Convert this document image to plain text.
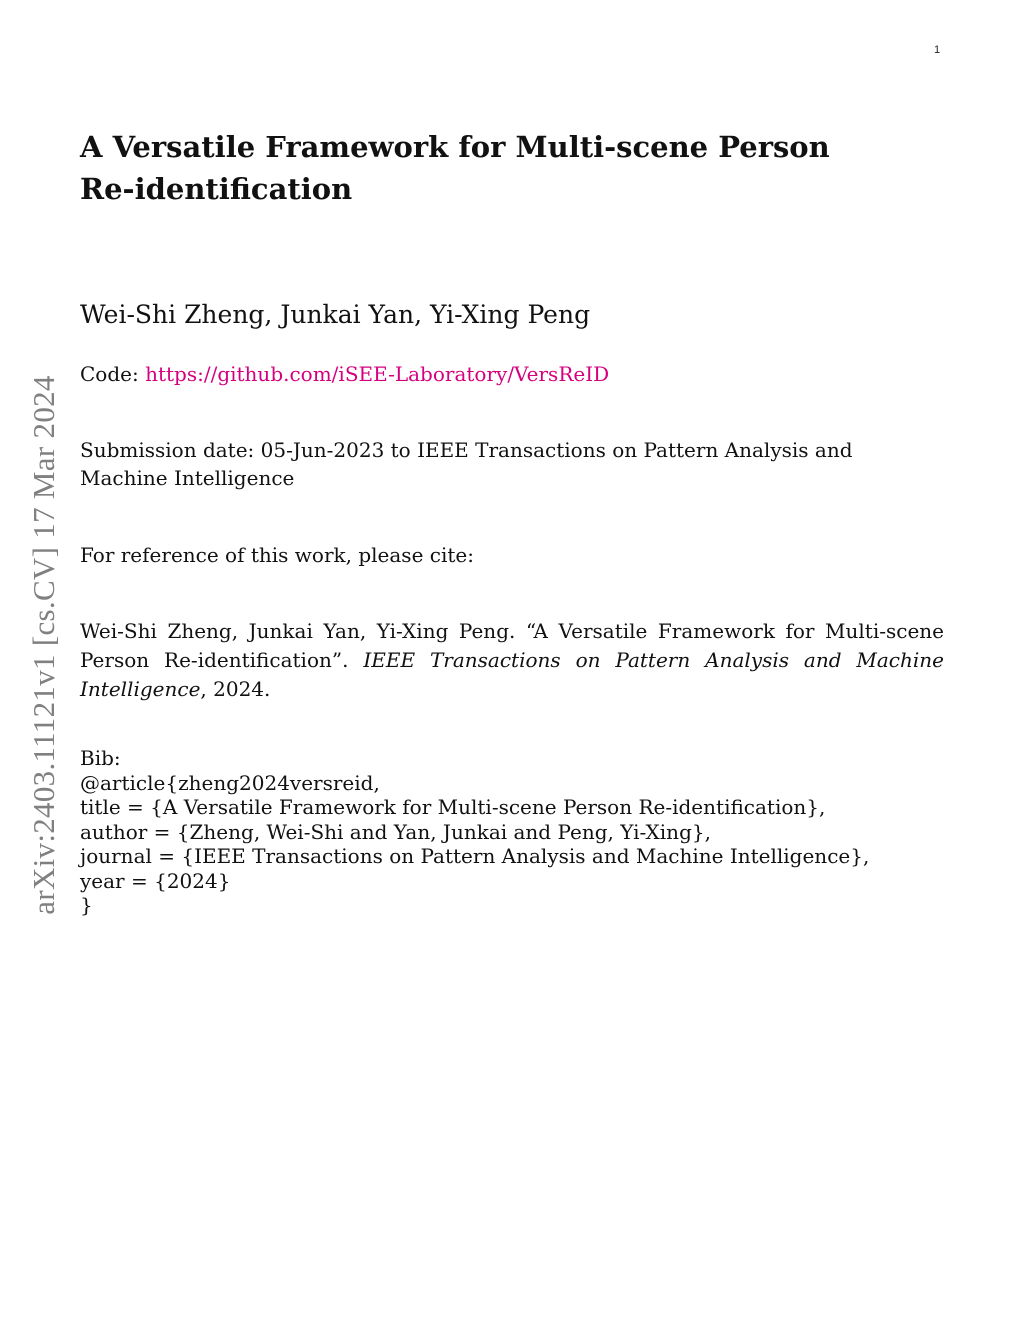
1
arXiv:2403.11121v1 [cs.CV] 17 Mar 2024
A Versatile Framework for Multi-scene Person Re-identification
Wei-Shi Zheng, Junkai Yan, Yi-Xing Peng
Code: https://github.com/iSEE-Laboratory/VersReID
Submission date: 05-Jun-2023 to IEEE Transactions on Pattern Analysis and Machine Intelligence
For reference of this work, please cite:
Wei-Shi Zheng, Junkai Yan, Yi-Xing Peng. “A Versatile Framework for Multi-scene Person Re-identification”. IEEE Transactions on Pattern Analysis and Machine Intelligence, 2024.
Bib:
@article{zheng2024versreid,
title = {A Versatile Framework for Multi-scene Person Re-identification},
author = {Zheng, Wei-Shi and Yan, Junkai and Peng, Yi-Xing},
journal = {IEEE Transactions on Pattern Analysis and Machine Intelligence},
year = {2024}
}
